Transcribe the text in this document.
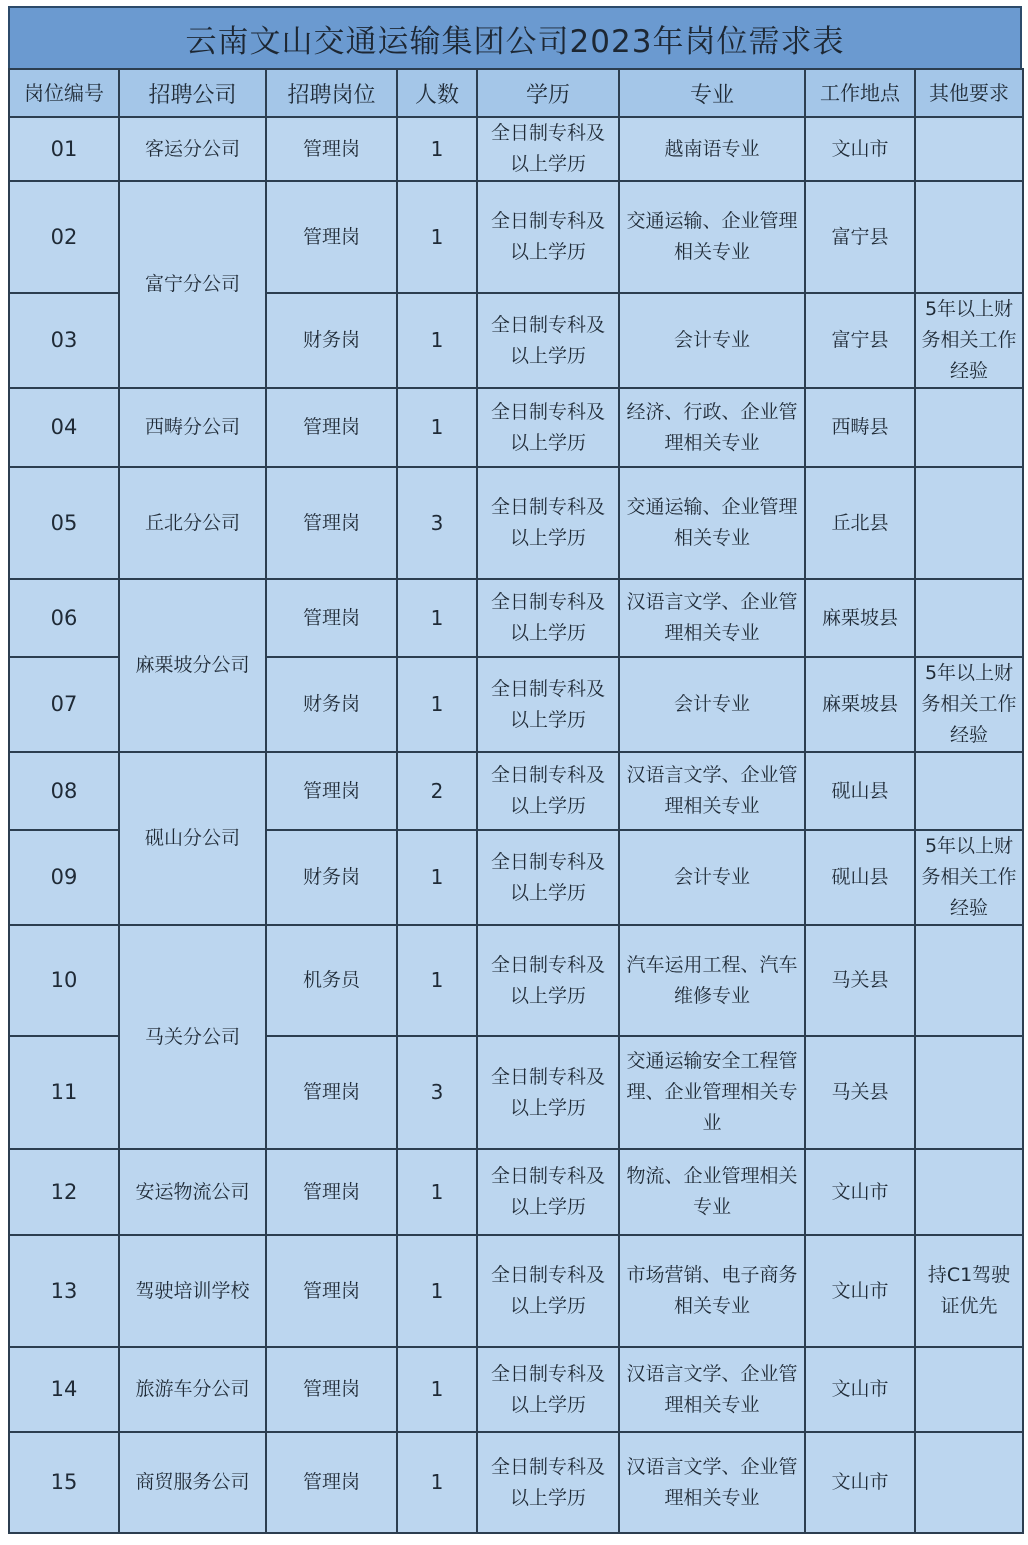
云南文山交通运输集团公司2023年岗位需求表
岗位编号	招聘公司	招聘岗位	人数	学历	专业	工作地点	其他要求
01	客运分公司	管理岗	1	全日制专科及以上学历	越南语专业	文山市	
02	富宁分公司	管理岗	1	全日制专科及以上学历	交通运输、企业管理相关专业	富宁县	
03		财务岗	1	全日制专科及以上学历	会计专业	富宁县	5年以上财务相关工作经验
04	西畴分公司	管理岗	1	全日制专科及以上学历	经济、行政、企业管理相关专业	西畴县	
05	丘北分公司	管理岗	3	全日制专科及以上学历	交通运输、企业管理相关专业	丘北县	
06	麻栗坡分公司	管理岗	1	全日制专科及以上学历	汉语言文学、企业管理相关专业	麻栗坡县	
07		财务岗	1	全日制专科及以上学历	会计专业	麻栗坡县	5年以上财务相关工作经验
08	砚山分公司	管理岗	2	全日制专科及以上学历	汉语言文学、企业管理相关专业	砚山县	
09		财务岗	1	全日制专科及以上学历	会计专业	砚山县	5年以上财务相关工作经验
10	马关分公司	机务员	1	全日制专科及以上学历	汽车运用工程、汽车维修专业	马关县	
11		管理岗	3	全日制专科及以上学历	交通运输安全工程管理、企业管理相关专业	马关县	
12	安运物流公司	管理岗	1	全日制专科及以上学历	物流、企业管理相关专业	文山市	
13	驾驶培训学校	管理岗	1	全日制专科及以上学历	市场营销、电子商务相关专业	文山市	持C1驾驶证优先
14	旅游车分公司	管理岗	1	全日制专科及以上学历	汉语言文学、企业管理相关专业	文山市	
15	商贸服务公司	管理岗	1	全日制专科及以上学历	汉语言文学、企业管理相关专业	文山市	
